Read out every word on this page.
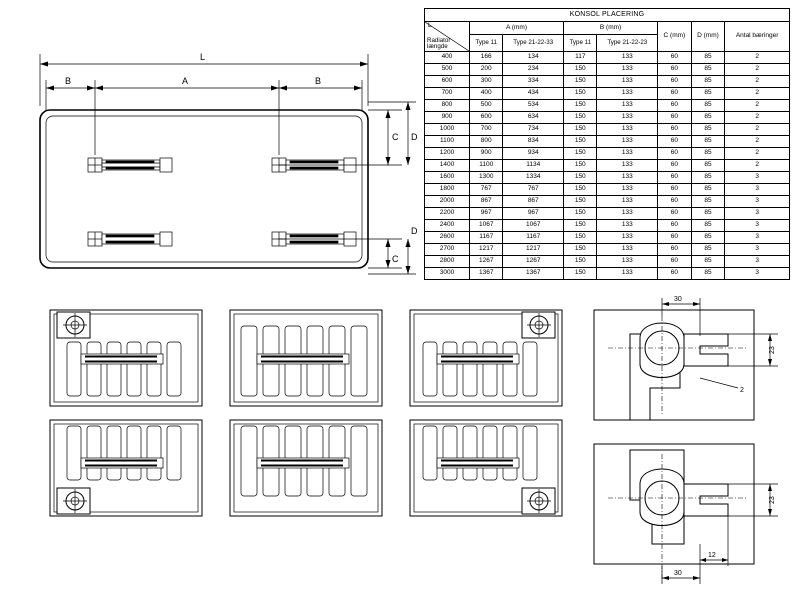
KONSOL PLACERING							

L
Radiator længde	A (mm)		B (mm)		C (mm)	D (mm)	Antal bæringer
	Type 11	Type 21-22-33	Type 11	Type 21-22-23			
400	166	134	117	133	60	85	2
500	200	234	150	133	60	85	2
600	300	334	150	133	60	85	2
700	400	434	150	133	60	85	2
800	500	534	150	133	60	85	2
900	600	634	150	133	60	85	2
1000	700	734	150	133	60	85	2
1100	800	834	150	133	60	85	2
1200	900	934	150	133	60	85	2
1400	1100	1134	150	133	60	85	2
1600	1300	1334	150	133	60	85	3
1800	767	767	150	133	60	85	3
2000	867	867	150	133	60	85	3
2200	967	967	150	133	60	85	3
2400	1067	1067	150	133	60	85	3
2600	1167	1167	150	133	60	85	3
2700	1217	1217	150	133	60	85	3
2800	1267	1267	150	133	60	85	3
3000	1367	1367	150	133	60	85	3
L
A
B	B
C D
C
D
30
23
2
23
12
30
